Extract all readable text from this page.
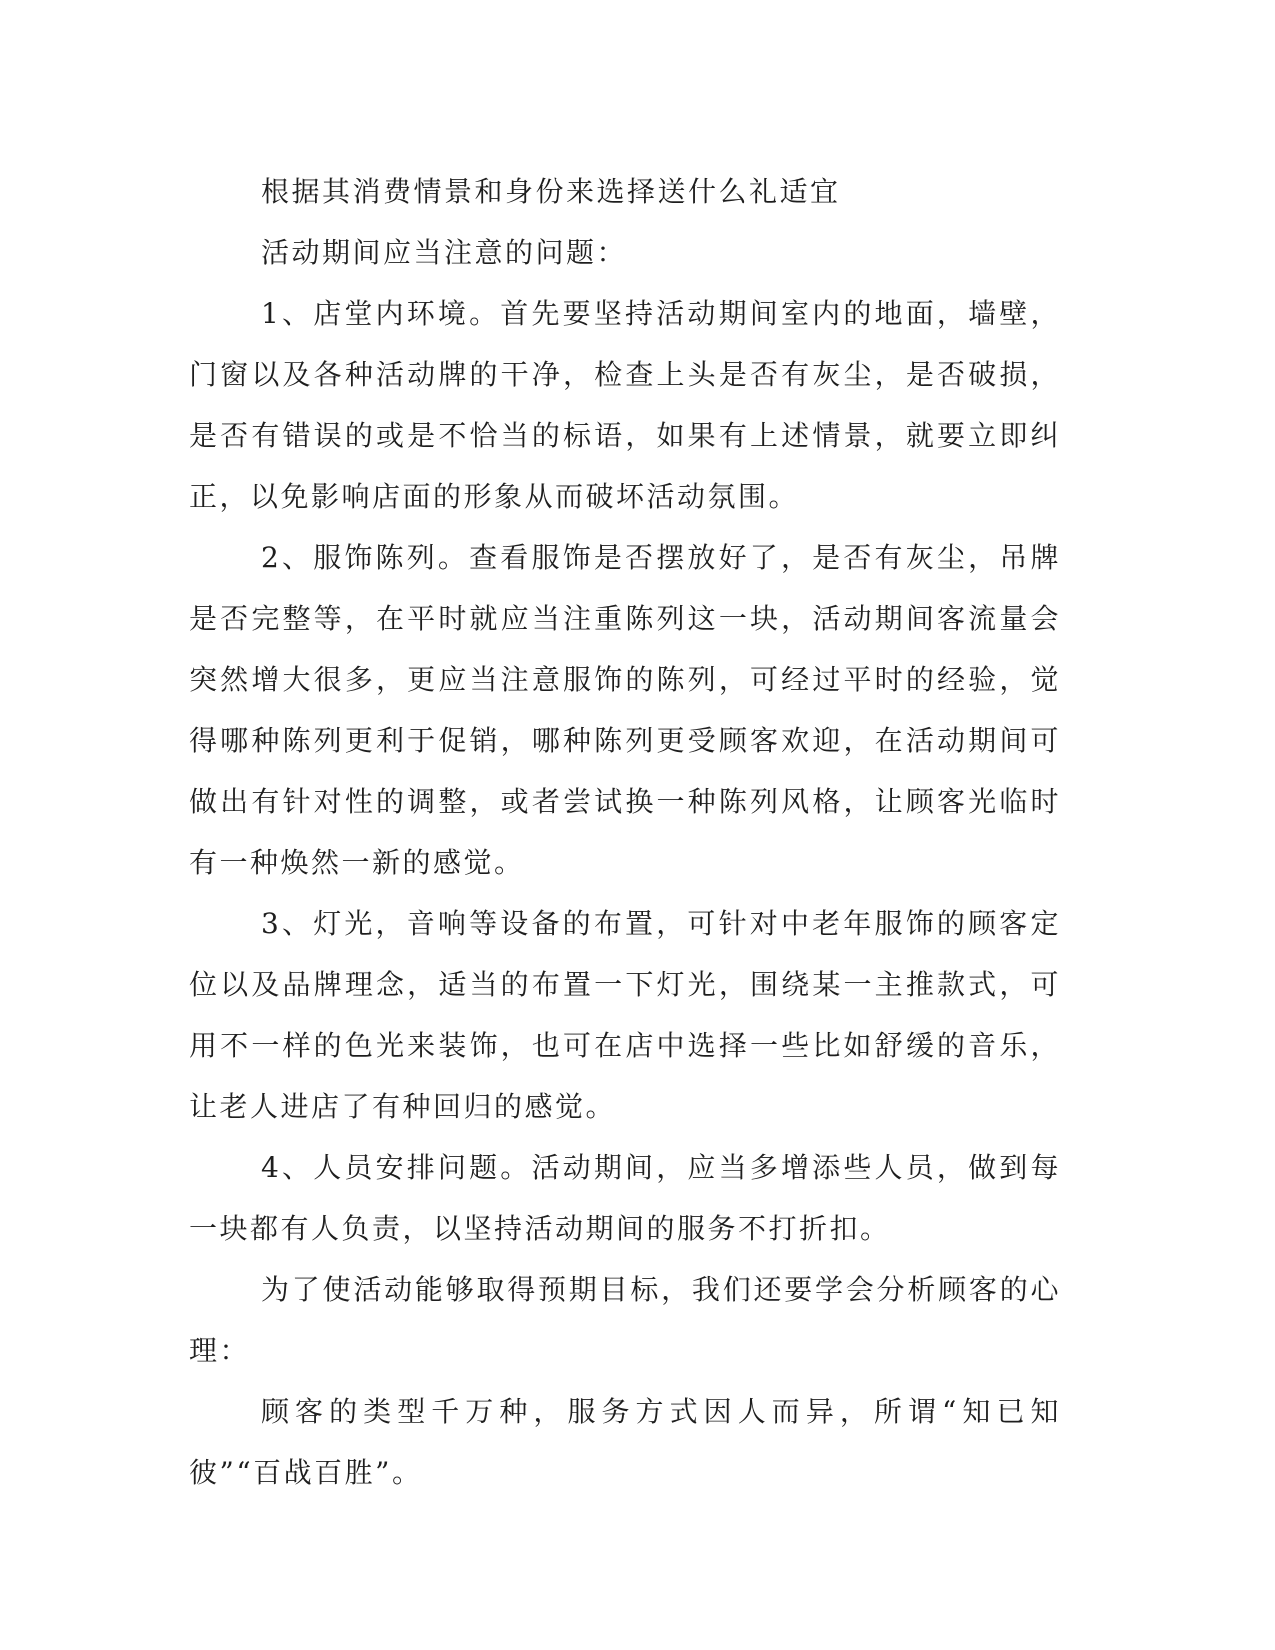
根据其消费情景和身份来选择送什么礼适宜

活动期间应当注意的问题：

1、店堂内环境。首先要坚持活动期间室内的地面，墙壁，门窗以及各种活动牌的干净，检查上头是否有灰尘，是否破损，是否有错误的或是不恰当的标语，如果有上述情景，就要立即纠正，以免影响店面的形象从而破坏活动氛围。

2、服饰陈列。查看服饰是否摆放好了，是否有灰尘，吊牌是否完整等，在平时就应当注重陈列这一块，活动期间客流量会突然增大很多，更应当注意服饰的陈列，可经过平时的经验，觉得哪种陈列更利于促销，哪种陈列更受顾客欢迎，在活动期间可做出有针对性的调整，或者尝试换一种陈列风格，让顾客光临时有一种焕然一新的感觉。

3、灯光，音响等设备的布置，可针对中老年服饰的顾客定位以及品牌理念，适当的布置一下灯光，围绕某一主推款式，可用不一样的色光来装饰，也可在店中选择一些比如舒缓的音乐，让老人进店了有种回归的感觉。

4、人员安排问题。活动期间，应当多增添些人员，做到每一块都有人负责，以坚持活动期间的服务不打折扣。

为了使活动能够取得预期目标，我们还要学会分析顾客的心理：

顾客的类型千万种，服务方式因人而异，所谓“知已知彼”“百战百胜”。
